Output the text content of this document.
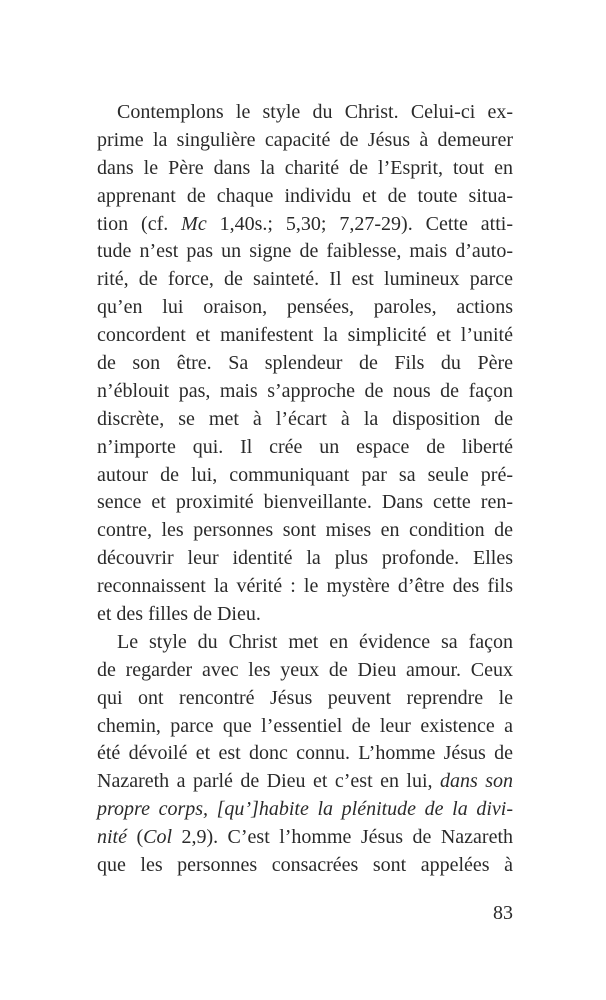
Contemplons le style du Christ. Celui-ci ex-
prime la singulière capacité de Jésus à demeurer
dans le Père dans la charité de l’Esprit, tout en
apprenant de chaque individu et de toute situa-
tion (cf. Mc 1,40s.; 5,30; 7,27-29). Cette atti-
tude n’est pas un signe de faiblesse, mais d’auto-
rité, de force, de sainteté. Il est lumineux parce
qu’en lui oraison, pensées, paroles, actions
concordent et manifestent la simplicité et l’unité
de son être. Sa splendeur de Fils du Père
n’éblouit pas, mais s’approche de nous de façon
discrète, se met à l’écart à la disposition de
n’importe qui. Il crée un espace de liberté
autour de lui, communiquant par sa seule pré-
sence et proximité bienveillante. Dans cette ren-
contre, les personnes sont mises en condition de
découvrir leur identité la plus profonde. Elles
reconnaissent la vérité : le mystère d’être des fils
et des filles de Dieu.
Le style du Christ met en évidence sa façon
de regarder avec les yeux de Dieu amour. Ceux
qui ont rencontré Jésus peuvent reprendre le
chemin, parce que l’essentiel de leur existence a
été dévoilé et est donc connu. L’homme Jésus de
Nazareth a parlé de Dieu et c’est en lui, dans son
propre corps, [qu’]habite la plénitude de la divi-
nité (Col 2,9). C’est l’homme Jésus de Nazareth
que les personnes consacrées sont appelées à
83
